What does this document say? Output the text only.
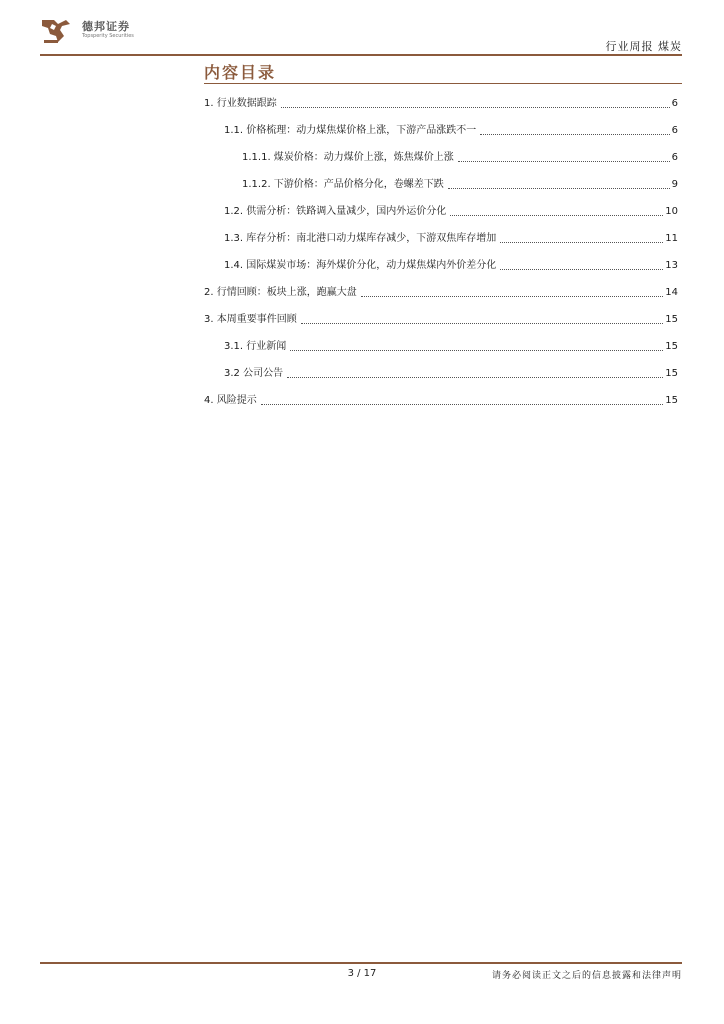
德邦证券
Topsperity Securities
行业周报 煤炭
内容目录
1. 行业数据跟踪	6
1.1. 价格梳理：动力煤焦煤价格上涨，下游产品涨跌不一	6
1.1.1. 煤炭价格：动力煤价上涨，炼焦煤价上涨	6
1.1.2. 下游价格：产品价格分化，卷螺差下跌	9
1.2. 供需分析：铁路调入量减少，国内外运价分化	10
1.3. 库存分析：南北港口动力煤库存减少，下游双焦库存增加	11
1.4. 国际煤炭市场：海外煤价分化，动力煤焦煤内外价差分化	13
2. 行情回顾：板块上涨，跑赢大盘	14
3. 本周重要事件回顾	15
3.1. 行业新闻	15
3.2 公司公告	15
4. 风险提示	15
3 / 17	请务必阅读正文之后的信息披露和法律声明
